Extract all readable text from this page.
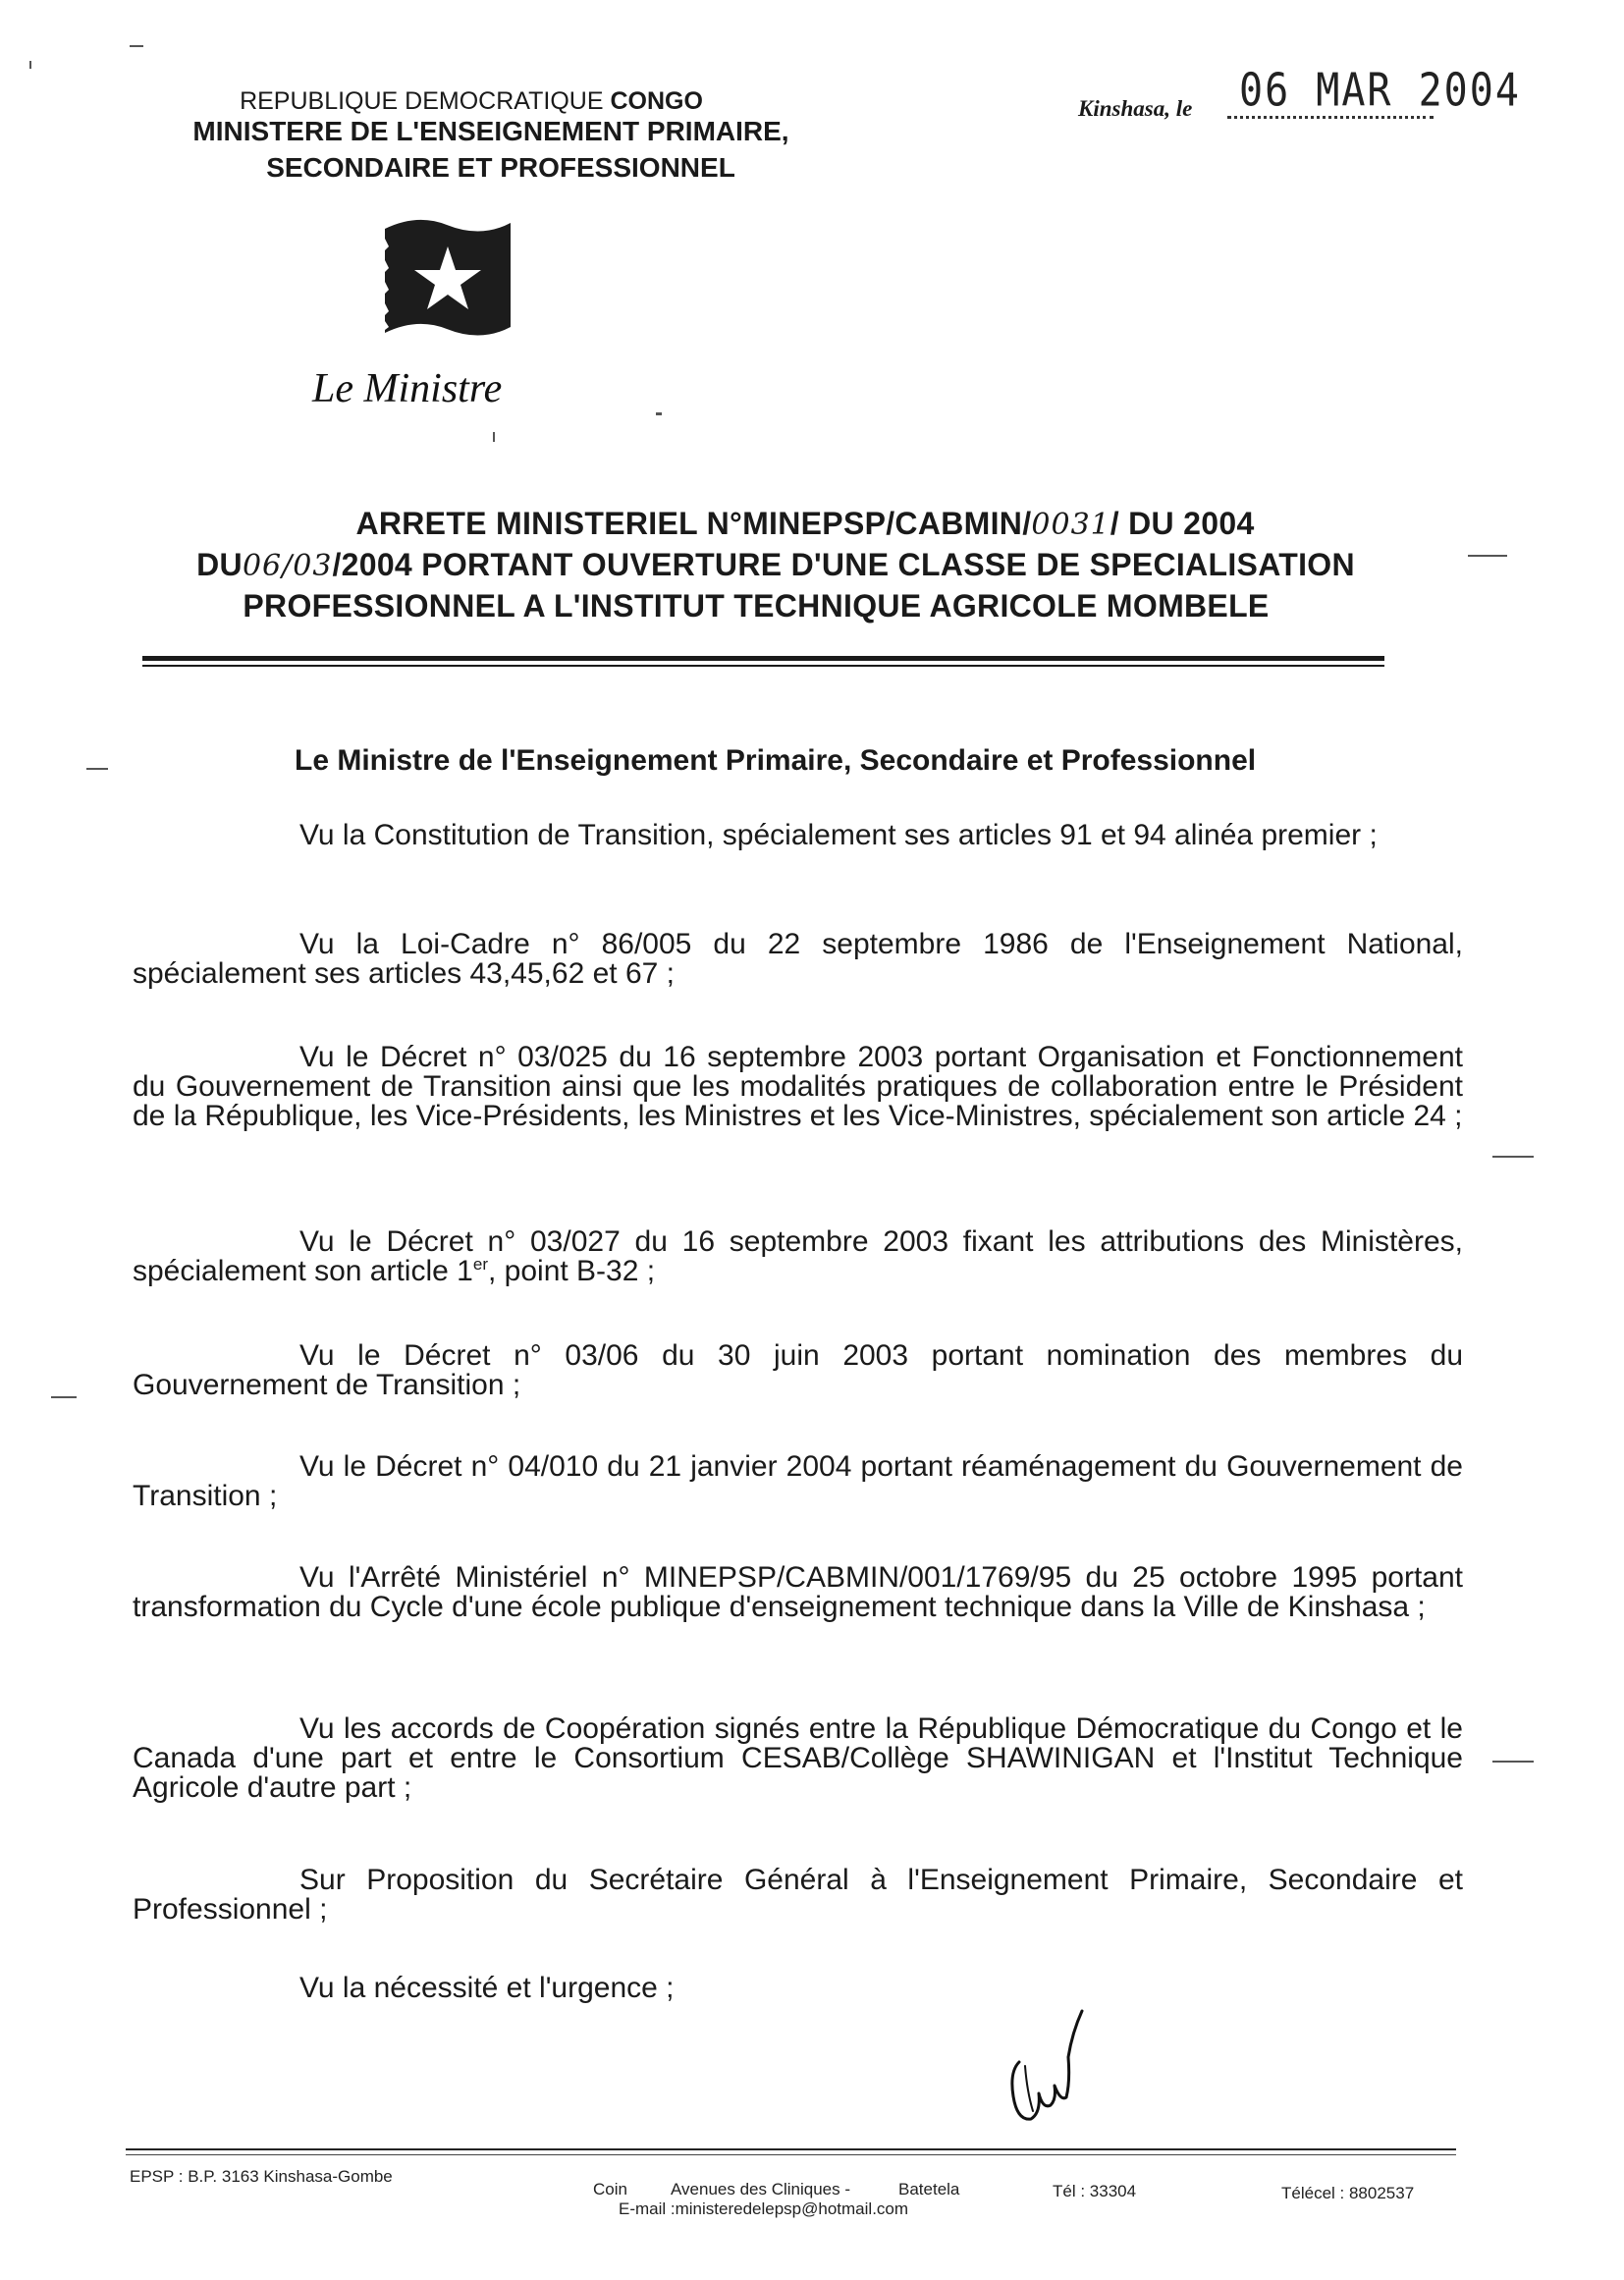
REPUBLIQUE DEMOCRATIQUE CONGO
MINISTERE DE L'ENSEIGNEMENT PRIMAIRE,
SECONDAIRE ET PROFESSIONNEL
Kinshasa, le 06 MAR 2004
Le Ministre
ARRETE MINISTERIEL N°MINEPSP/CABMIN/0031/ DU 2004
DU06/03/2004 PORTANT OUVERTURE D'UNE CLASSE DE SPECIALISATION
PROFESSIONNEL A L'INSTITUT TECHNIQUE AGRICOLE MOMBELE
Le Ministre de l'Enseignement Primaire, Secondaire et Professionnel

Vu la Constitution de Transition, spécialement ses articles 91 et 94 alinéa premier ;

Vu la Loi-Cadre n° 86/005 du 22 septembre 1986 de l'Enseignement National, spécialement ses articles 43,45,62 et 67 ;

Vu le Décret n° 03/025 du 16 septembre 2003 portant Organisation et Fonctionnement du Gouvernement de Transition ainsi que les modalités pratiques de collaboration entre le Président de la République, les Vice-Présidents, les Ministres et les Vice-Ministres, spécialement son article 24 ;

Vu le Décret n° 03/027 du 16 septembre 2003 fixant les attributions des Ministères, spécialement son article 1er, point B-32 ;

Vu le Décret n° 03/06 du 30 juin 2003 portant nomination des membres du Gouvernement de Transition ;

Vu le Décret n° 04/010 du 21 janvier 2004 portant réaménagement du Gouvernement de Transition ;

Vu l'Arrêté Ministériel n° MINEPSP/CABMIN/001/1769/95 du 25 octobre 1995 portant transformation du Cycle d'une école publique d'enseignement technique dans la Ville de Kinshasa ;

Vu les accords de Coopération signés entre la République Démocratique du Congo et le Canada d'une part et entre le Consortium CESAB/Collège SHAWINIGAN et l'Institut Technique Agricole d'autre part ;

Sur Proposition du Secrétaire Général à l'Enseignement Primaire, Secondaire et Professionnel ;

Vu la nécessité et l'urgence ;

EPSP : B.P. 3163 Kinshasa-Gombe
Coin	Avenues des Cliniques -	Batetela
E-mail :ministeredelepsp@hotmail.com
Tél : 33304	Télécel : 8802537
